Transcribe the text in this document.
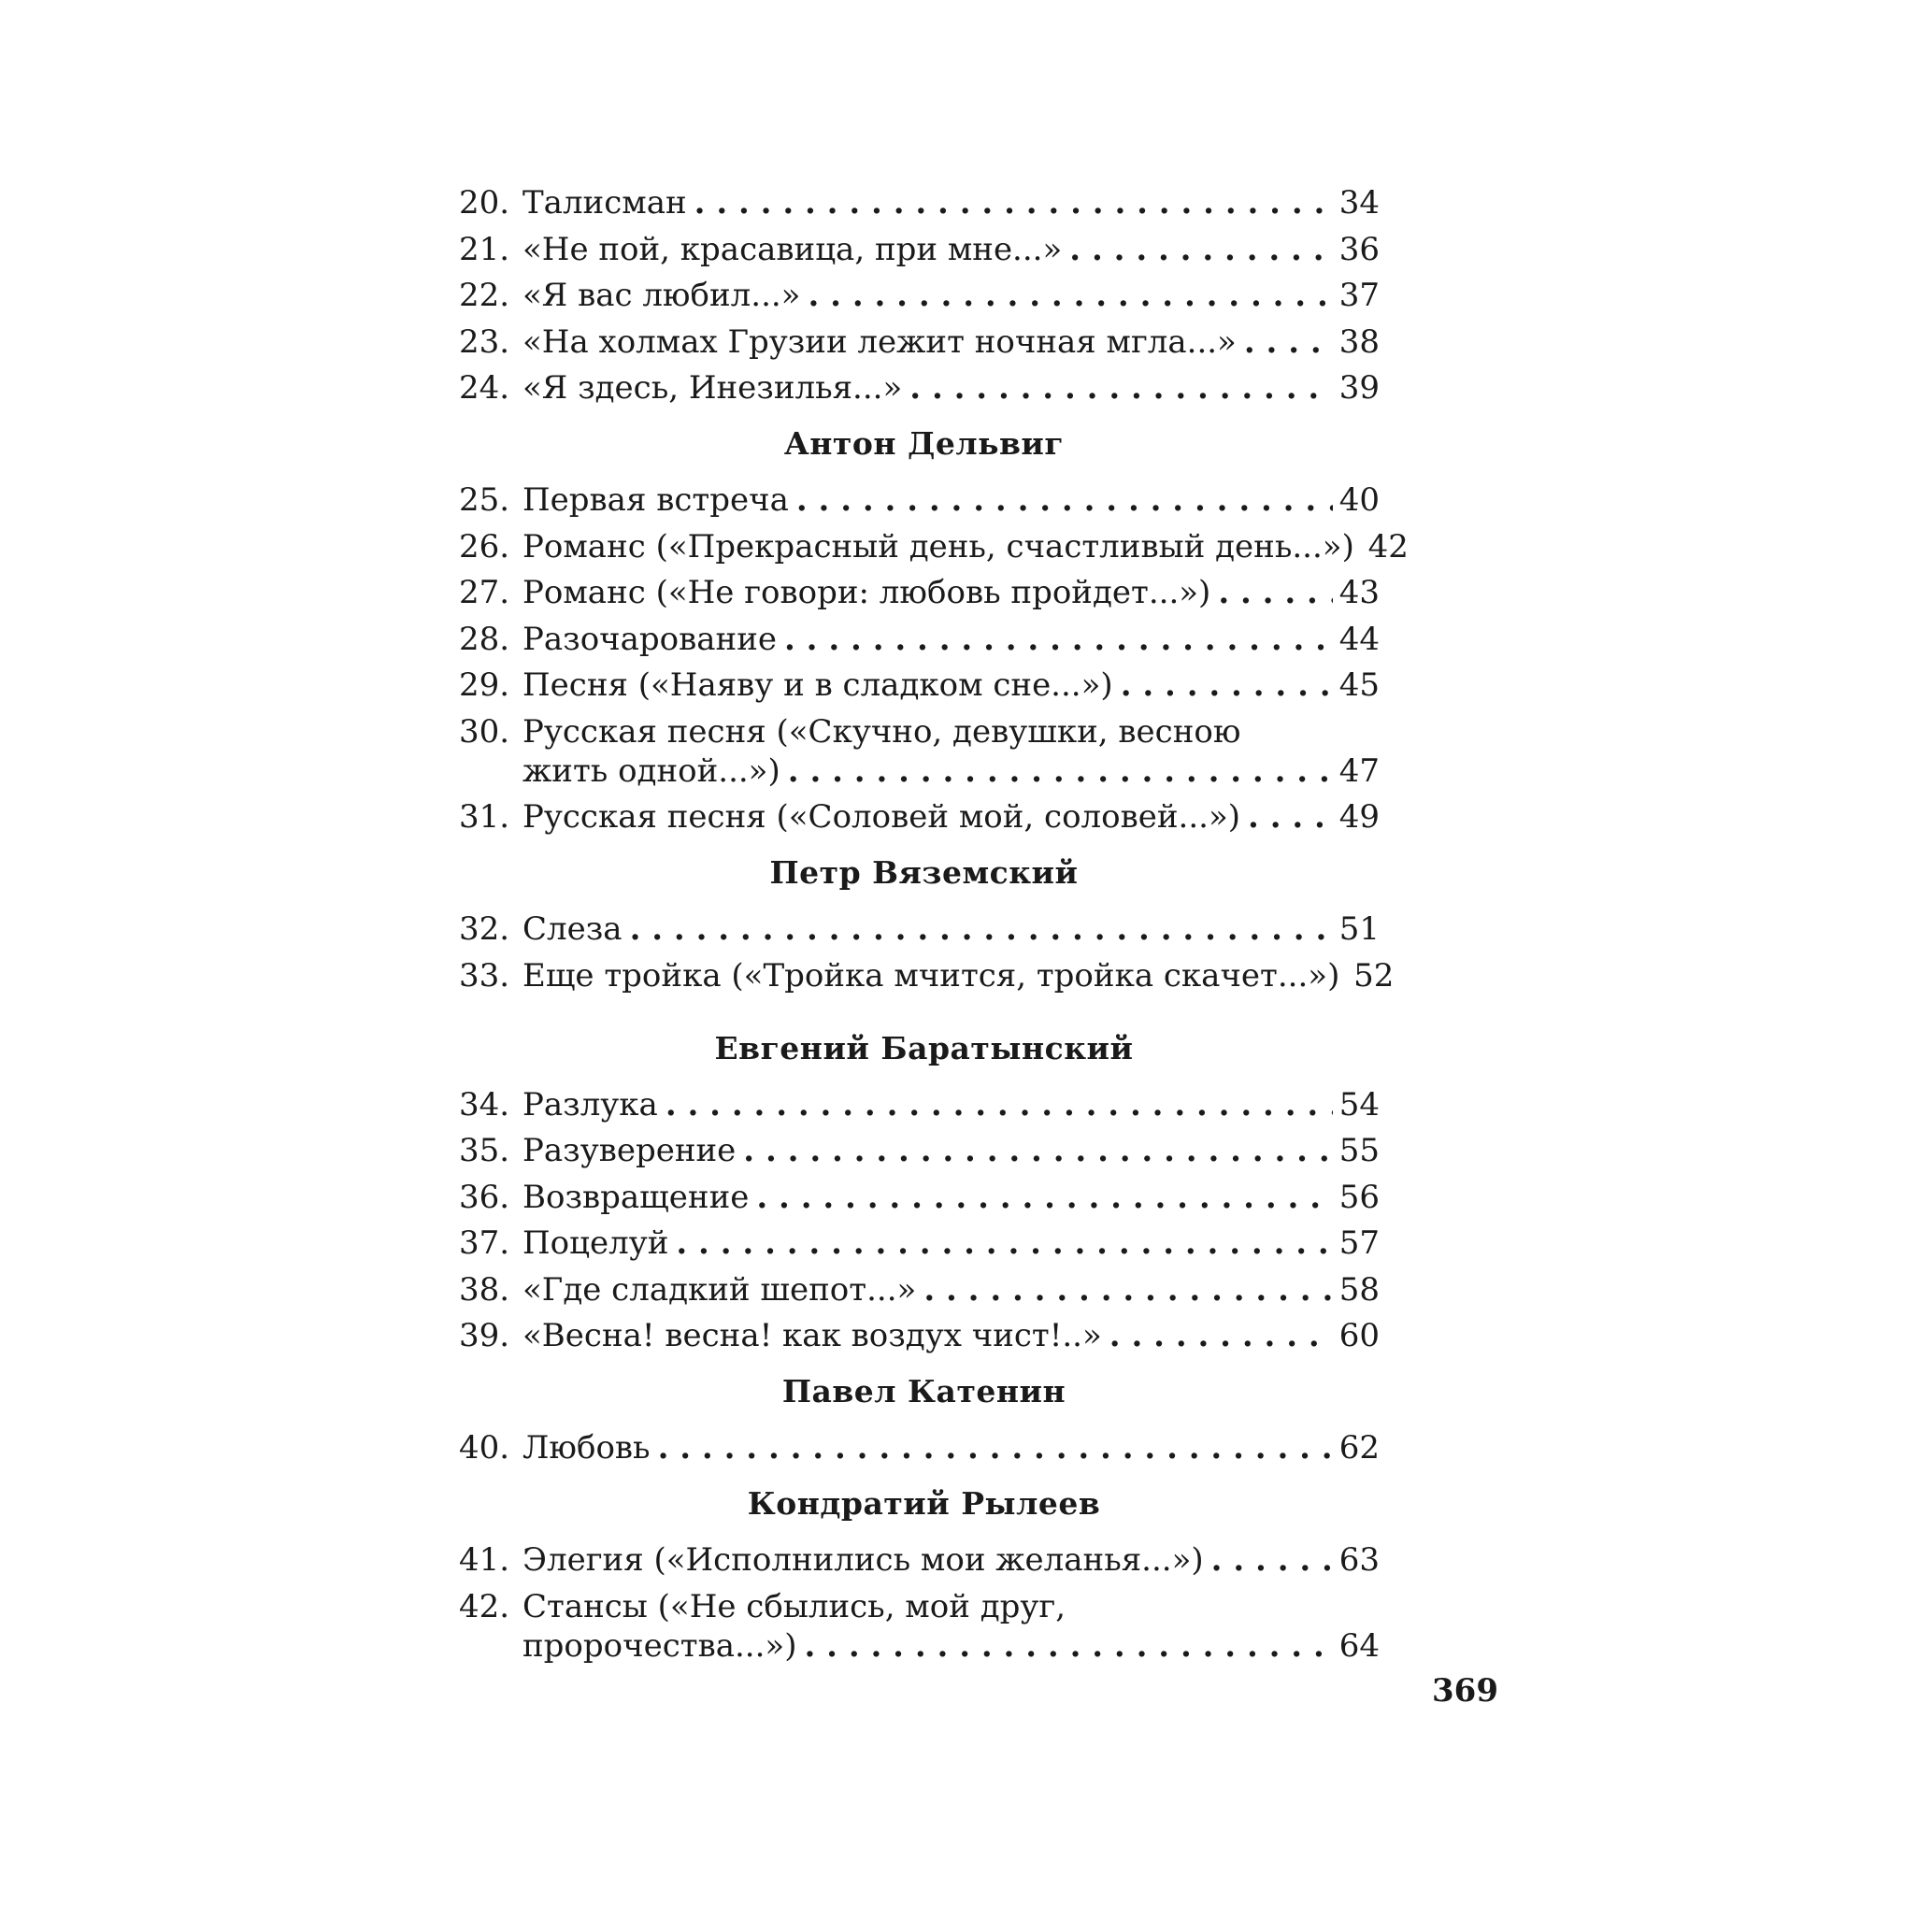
20. Талисман . . .	34
21. «Не пой, красавица, при мне...» . . .	36
22. «Я вас любил...» . . .	37
23. «На холмах Грузии лежит ночная мгла...» . . .	38
24. «Я здесь, Инезилья...» . . .	39
Антон Дельвиг
25. Первая встреча . . .	40
26. Романс («Прекрасный день, счастливый день...») 42
27. Романс («Не говори: любовь пройдет...») . . .	43
28. Разочарование . . .	44
29. Песня («Наяву и в сладком сне...») . . .	45
30. Русская песня («Скучно, девушки, весною
жить одной...») . . .	47
31. Русская песня («Соловей мой, соловей...») . . .	49
Петр Вяземский
32. Слеза . . .	51
33. Еще тройка («Тройка мчится, тройка скачет...») 52
Евгений Баратынский
34. Разлука . . .	54
35. Разуверение . . .	55
36. Возвращение . . .	56
37. Поцелуй . . .	57
38. «Где сладкий шепот...» . . .	58
39. «Весна! весна! как воздух чист!..» . . .	60
Павел Катенин
40. Любовь . . .	62
Кондратий Рылеев
41. Элегия («Исполнились мои желанья...») . . .	63
42. Стансы («Не сбылись, мой друг,
пророчества...») . . .	64
369
